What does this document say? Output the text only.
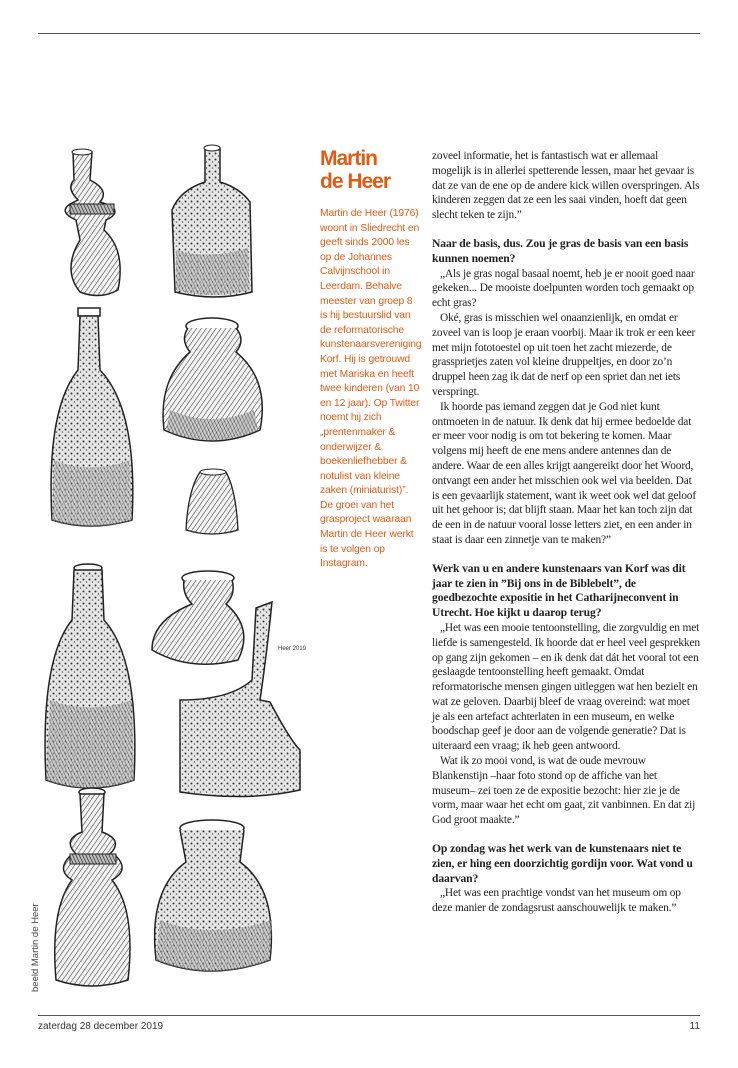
Heer 2019
beeld Martin de Heer
Martin
de Heer

Martin de Heer (1976) woont in Sliedrecht en geeft sinds 2000 les op de Johannes Calvijnschool in Leerdam. Behalve meester van groep 8 is hij bestuurslid van de reformatorische kunstenaarsvereniging Korf. Hij is getrouwd met Mariska en heeft twee kinderen (van 10 en 12 jaar). Op Twitter noemt hij zich „prentenmaker & onderwijzer & boekenliefhebber & notulist van kleine zaken (miniaturist)”. De groei van het grasproject waaraan Martin de Heer werkt is te volgen op Instagram.

zoveel informatie, het is fantastisch wat er allemaal mogelijk is in allerlei spetterende lessen, maar het gevaar is dat ze van de ene op de andere kick willen overspringen. Als kinderen zeggen dat ze een les saai vinden, hoeft dat geen slecht teken te zijn.”

Naar de basis, dus. Zou je gras de basis van een basis kunnen noemen?

„Als je gras nogal basaal noemt, heb je er nooit goed naar gekeken... De mooiste doelpunten worden toch gemaakt op echt gras?

Oké, gras is misschien wel onaanzienlijk, en omdat er zoveel van is loop je eraan voorbij. Maar ik trok er een keer met mijn fototoestel op uit toen het zacht miezerde, de grassprietjes zaten vol kleine druppeltjes, en door zo’n druppel heen zag ik dat de nerf op een spriet dan net iets verspringt.

Ik hoorde pas iemand zeggen dat je God niet kunt ontmoeten in de natuur. Ik denk dat hij ermee bedoelde dat er meer voor nodig is om tot bekering te komen. Maar volgens mij heeft de ene mens andere antennes dan de andere. Waar de een alles krijgt aangereikt door het Woord, ontvangt een ander het misschien ook wel via beelden. Dat is een gevaarlijk statement, want ik weet ook wel dat geloof uit het gehoor is; dat blijft staan. Maar het kan toch zijn dat de een in de natuur vooral losse letters ziet, en een ander in staat is daar een zinnetje van te maken?”

Werk van u en andere kunstenaars van Korf was dit jaar te zien in ”Bij ons in de Biblebelt”, de goedbezochte expositie in het Catharijneconvent in Utrecht. Hoe kijkt u daarop terug?

„Het was een mooie tentoonstelling, die zorgvuldig en met liefde is samengesteld. Ik hoorde dat er heel veel gesprekken op gang zijn gekomen – en ik denk dat dát het vooral tot een geslaagde tentoonstelling heeft gemaakt. Omdat reformatorische mensen gingen uitleggen wat hen bezielt en wat ze geloven. Daarbij bleef de vraag overeind: wat moet je als een artefact achterlaten in een museum, en welke boodschap geef je door aan de volgende generatie? Dat is uiteraard een vraag; ik heb geen antwoord.

Wat ik zo mooi vond, is wat de oude mevrouw Blankenstijn –haar foto stond op de affiche van het museum– zei toen ze de expositie bezocht: hier zie je de vorm, maar waar het echt om gaat, zit vanbinnen. En dat zij God groot maakte.”

Op zondag was het werk van de kunstenaars niet te zien, er hing een doorzichtig gordijn voor. Wat vond u daarvan?

„Het was een prachtige vondst van het museum om op deze manier de zondagsrust aanschouwelijk te maken.”

zaterdag 28 december 2019	11
